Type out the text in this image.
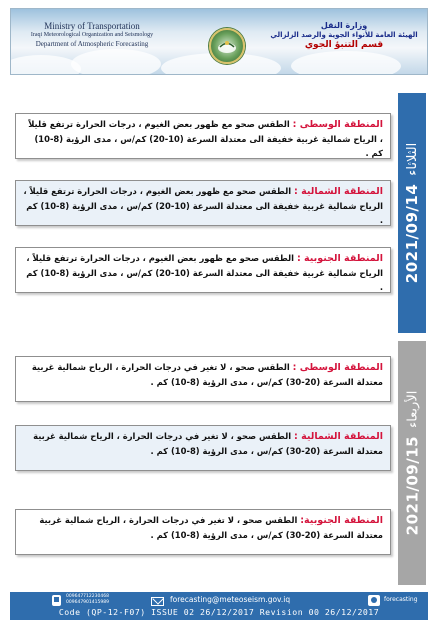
Ministry of Transportation
Iraqi Meteorological Organization and Seismology
Department of Atmospheric Forecasting
وزارة النقل
الهيئة العامة للأنواء الجوية والرصد الزلزالي
قسم التنبؤ الجوي
2021/09/14
الثلاثاء
المنطقة الوسطى : الطقس صحو مع ظهور بعض الغيوم ، درجات الحرارة ترتفع قليلاً ، الرياح شمالية غربية خفيفة الى معتدلة السرعة (10-20) كم/س ، مدى الرؤية (8-10) كم .
المنطقة الشمالية : الطقس صحو مع ظهور بعض الغيوم ، درجات الحرارة ترتفع قليلاً ، الرياح شمالية غربية خفيفة الى معتدلة السرعة (10-20) كم/س ، مدى الرؤية (8-10) كم .
المنطقة الجنوبية : الطقس صحو مع ظهور بعض الغيوم ، درجات الحرارة ترتفع قليلاً ، الرياح شمالية غربية خفيفة الى معتدلة السرعة (10-20) كم/س ، مدى الرؤية (8-10) كم .
2021/09/15
الأربعاء
المنطقة الوسطى : الطقس صحو ، لا تغير في درجات الحرارة ، الرياح شمالية غربية معتدلة السرعة (20-30) كم/س ، مدى الرؤية (8-10) كم .
المنطقة الشمالية : الطقس صحو ، لا تغير في درجات الحرارة ، الرياح شمالية غربية معتدلة السرعة (20-30) كم/س ، مدى الرؤية (8-10) كم .
المنطقة الجنوبية: الطقس صحو ، لا تغير في درجات الحرارة ، الرياح شمالية غربية معتدلة السرعة (20-30) كم/س ، مدى الرؤية (8-10) كم .
009647712230468
009647901415989	forecasting@meteoseism.gov.iq	forecasting
Code (QP-12-F07) ISSUE 02 26/12/2017 Revision 00 26/12/2017
